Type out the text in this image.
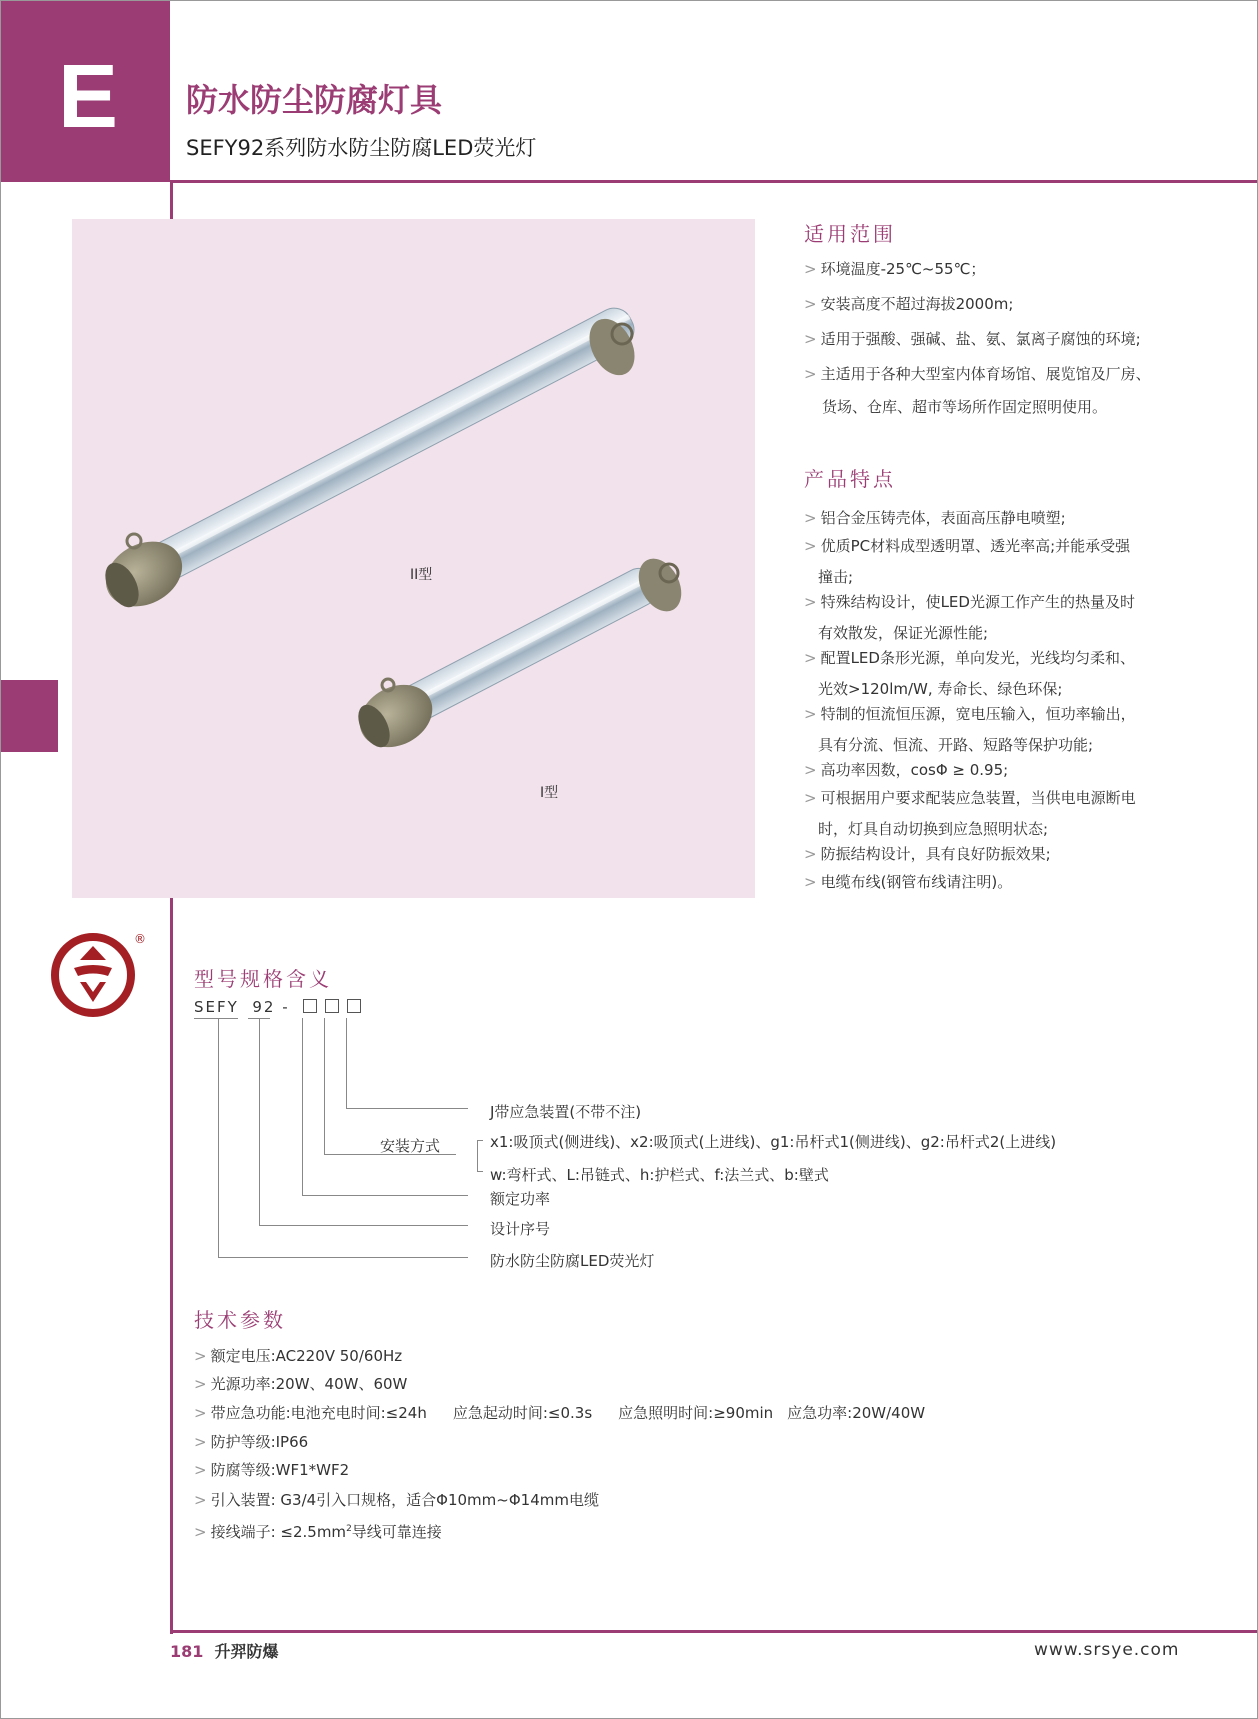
E 防水防尘防腐灯具
SEFY92系列防水防尘防腐LED荧光灯
II型
I型
适用范围
> 环境温度-25℃~55℃；
> 安装高度不超过海拔2000m;
> 适用于强酸、强碱、盐、氨、氯离子腐蚀的环境;
> 主适用于各种大型室内体育场馆、展览馆及厂房、
货场、仓库、超市等场所作固定照明使用。
产品特点
> 铝合金压铸壳体，表面高压静电喷塑;
> 优质PC材料成型透明罩、透光率高;并能承受强
撞击;
> 特殊结构设计，使LED光源工作产生的热量及时
有效散发，保证光源性能;
> 配置LED条形光源，单向发光，光线均匀柔和、
光效>120lm/W, 寿命长、绿色环保;
> 特制的恒流恒压源，宽电压输入，恒功率输出，
具有分流、恒流、开路、短路等保护功能;
> 高功率因数，cosΦ ≥ 0.95;
> 可根据用户要求配装应急装置，当供电电源断电
时，灯具自动切换到应急照明状态;
> 防振结构设计，具有良好防振效果;
> 电缆布线(钢管布线请注明)。
®
型号规格含义
SEFY 92 -
J带应急装置(不带不注)
安装方式	x1:吸顶式(侧进线)、x2:吸顶式(上进线)、g1:吊杆式1(侧进线)、g2:吊杆式2(上进线)
w:弯杆式、L:吊链式、h:护栏式、f:法兰式、b:壁式
额定功率
设计序号
防水防尘防腐LED荧光灯
技术参数
> 额定电压:AC220V 50/60Hz
> 光源功率:20W、40W、60W
> 带应急功能:电池充电时间:≤24h 应急起动时间:≤0.3s 应急照明时间:≥90min 应急功率:20W/40W
> 防护等级:IP66
> 防腐等级:WF1*WF2
> 引入装置: G3/4引入口规格，适合Φ10mm~Φ14mm电缆
> 接线端子: $\le 2.5mm^2$导线可靠连接
181 升羿防爆	www.srsye.com
